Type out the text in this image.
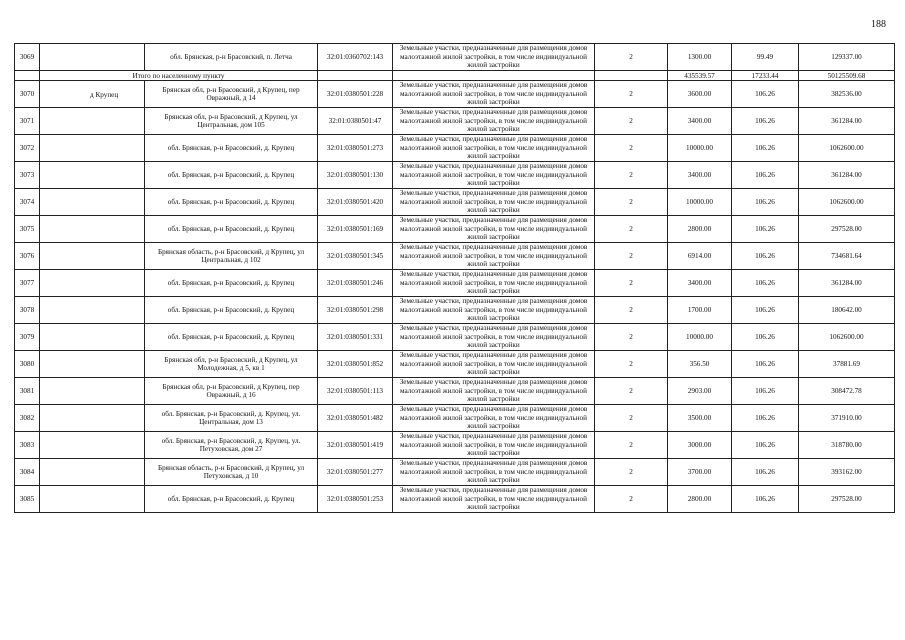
188
3069		обл. Брянская, р-н Брасовский, п. Летча	32:01:0360702:143	Земельные участки, предназначенные для размещения домов малоэтажной жилой застройки, в том числе индивидуальной жилой застройки	2	1300.00	99.49	129337.00
	Итого по населенному пункту					435539.57	17233.44	50125509.68
3070	д Крупец	Брянская обл, р-н Брасовский, д Крупец, пер Овражный, д 14	32:01:0380501:228	Земельные участки, предназначенные для размещения домов малоэтажной жилой застройки, в том числе индивидуальной жилой застройки	2	3600.00	106.26	382536.00
3071		Брянская обл, р-н Брасовский, д Крупец, ул Центральная, дом 105	32:01:0380501:47	Земельные участки, предназначенные для размещения домов малоэтажной жилой застройки, в том числе индивидуальной жилой застройки	2	3400.00	106.26	361284.00
3072		обл. Брянская, р-н Брасовский, д. Крупец	32:01:0380501:273	Земельные участки, предназначенные для размещения домов малоэтажной жилой застройки, в том числе индивидуальной жилой застройки	2	10000.00	106.26	1062600.00
3073		обл. Брянская, р-н Брасовский, д. Крупец	32:01:0380501:130	Земельные участки, предназначенные для размещения домов малоэтажной жилой застройки, в том числе индивидуальной жилой застройки	2	3400.00	106.26	361284.00
3074		обл. Брянская, р-н Брасовский, д. Крупец	32:01:0380501:420	Земельные участки, предназначенные для размещения домов малоэтажной жилой застройки, в том числе индивидуальной жилой застройки	2	10000.00	106.26	1062600.00
3075		обл. Брянская, р-н Брасовский, д. Крупец	32:01:0380501:169	Земельные участки, предназначенные для размещения домов малоэтажной жилой застройки, в том числе индивидуальной жилой застройки	2	2800.00	106.26	297528.00
3076		Брянская область, р-н Брасовский, д Крупец, ул Центральная, д 102	32:01:0380501:345	Земельные участки, предназначенные для размещения домов малоэтажной жилой застройки, в том числе индивидуальной жилой застройки	2	6914.00	106.26	734681.64
3077		обл. Брянская, р-н Брасовский, д. Крупец	32:01:0380501:246	Земельные участки, предназначенные для размещения домов малоэтажной жилой застройки, в том числе индивидуальной жилой застройки	2	3400.00	106.26	361284.00
3078		обл. Брянская, р-н Брасовский, д. Крупец	32:01:0380501:298	Земельные участки, предназначенные для размещения домов малоэтажной жилой застройки, в том числе индивидуальной жилой застройки	2	1700.00	106.26	180642.00
3079		обл. Брянская, р-н Брасовский, д. Крупец	32:01:0380501:331	Земельные участки, предназначенные для размещения домов малоэтажной жилой застройки, в том числе индивидуальной жилой застройки	2	10000.00	106.26	1062600.00
3080		Брянская обл, р-н Брасовский, д Крупец, ул Молодежная, д 5, кв 1	32:01:0380501:852	Земельные участки, предназначенные для размещения домов малоэтажной жилой застройки, в том числе индивидуальной жилой застройки	2	356.50	106.26	37881.69
3081		Брянская обл, р-н Брасовский, д Крупец, пер Овражный, д 16	32:01:0380501:113	Земельные участки, предназначенные для размещения домов малоэтажной жилой застройки, в том числе индивидуальной жилой застройки	2	2903.00	106.26	308472.78
3082		обл. Брянская, р-н Брасовский, д. Крупец, ул. Центральная, дом 13	32:01:0380501:482	Земельные участки, предназначенные для размещения домов малоэтажной жилой застройки, в том числе индивидуальной жилой застройки	2	3500.00	106.26	371910.00
3083		обл. Брянская, р-н Брасовский, д. Крупец, ул. Петуховская, дом 27	32:01:0380501:419	Земельные участки, предназначенные для размещения домов малоэтажной жилой застройки, в том числе индивидуальной жилой застройки	2	3000.00	106.26	318780.00
3084		Брянская область, р-н Брасовский, д Крупец, ул Петуховская, д 10	32:01:0380501:277	Земельные участки, предназначенные для размещения домов малоэтажной жилой застройки, в том числе индивидуальной жилой застройки	2	3700.00	106.26	393162.00
3085		обл. Брянская, р-н Брасовский, д. Крупец	32:01:0380501:253	Земельные участки, предназначенные для размещения домов малоэтажной жилой застройки, в том числе индивидуальной жилой застройки	2	2800.00	106.26	297528.00
